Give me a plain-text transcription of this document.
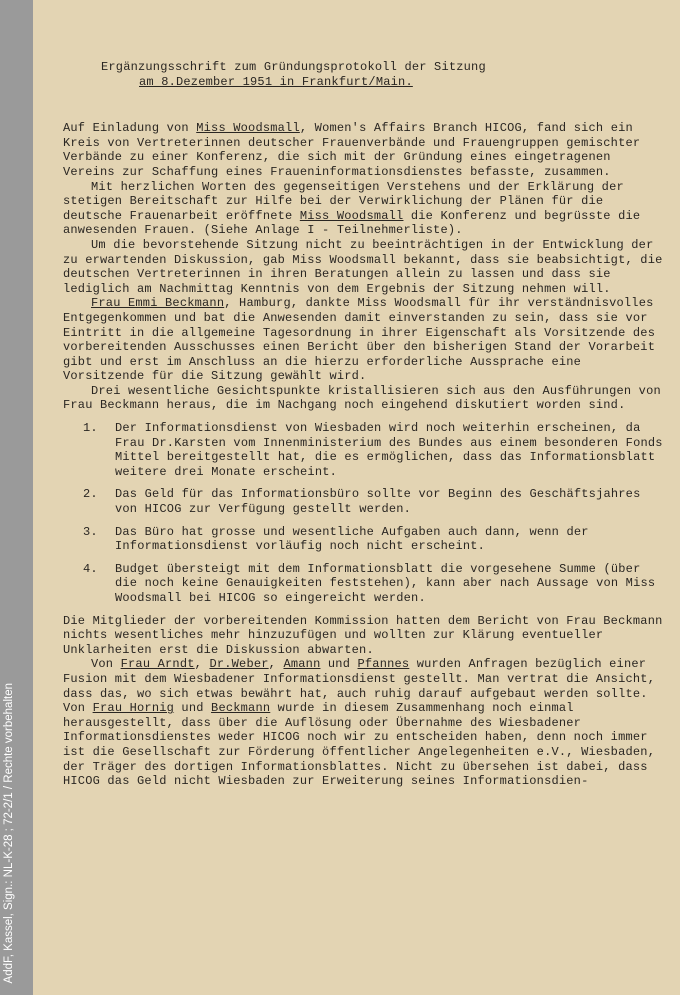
AddF, Kassel, Sign.: NL-K-28 ; 72-2/1 / Rechte vorbehalten
Ergänzungsschrift zum Gründungsprotokoll der Sitzung
am 8.Dezember 1951 in Frankfurt/Main.

Auf Einladung von Miss Woodsmall, Women's Affairs Branch HICOG, fand sich ein Kreis von Vertreterinnen deutscher Frauenverbände und Frauengruppen gemischter Verbände zu einer Konferenz, die sich mit der Gründung eines eingetragenen Vereins zur Schaffung eines Fraueninformationsdienstes befasste, zusammen.

Mit herzlichen Worten des gegenseitigen Verstehens und der Erklärung der stetigen Bereitschaft zur Hilfe bei der Verwirklichung der Plänen für die deutsche Frauenarbeit eröffnete Miss Woodsmall die Konferenz und begrüsste die anwesenden Frauen. (Siehe Anlage I - Teilnehmerliste).

Um die bevorstehende Sitzung nicht zu beeinträchtigen in der Entwicklung der zu erwartenden Diskussion, gab Miss Woodsmall bekannt, dass sie beabsichtigt, die deutschen Vertreterinnen in ihren Beratungen allein zu lassen und dass sie lediglich am Nachmittag Kenntnis von dem Ergebnis der Sitzung nehmen will.

Frau Emmi Beckmann, Hamburg, dankte Miss Woodsmall für ihr verständnisvolles Entgegenkommen und bat die Anwesenden damit einverstanden zu sein, dass sie vor Eintritt in die allgemeine Tagesordnung in ihrer Eigenschaft als Vorsitzende des vorbereitenden Ausschusses einen Bericht über den bisherigen Stand der Vorarbeit gibt und erst im Anschluss an die hierzu erforderliche Aussprache eine Vorsitzende für die Sitzung gewählt wird.

Drei wesentliche Gesichtspunkte kristallisieren sich aus den Ausführungen von Frau Beckmann heraus, die im Nachgang noch eingehend diskutiert worden sind.

1.	Der Informationsdienst von Wiesbaden wird noch weiterhin erscheinen, da Frau Dr.Karsten vom Innenministerium des Bundes aus einem besonderen Fonds Mittel bereitgestellt hat, die es ermöglichen, dass das Informationsblatt weitere drei Monate erscheint.
2.	Das Geld für das Informationsbüro sollte vor Beginn des Geschäftsjahres von HICOG zur Verfügung gestellt werden.
3.	Das Büro hat grosse und wesentliche Aufgaben auch dann, wenn der Informationsdienst vorläufig noch nicht erscheint.
4.	Budget übersteigt mit dem Informationsblatt die vorgesehene Summe (über die noch keine Genauigkeiten feststehen), kann aber nach Aussage von Miss Woodsmall bei HICOG so eingereicht werden.

Die Mitglieder der vorbereitenden Kommission hatten dem Bericht von Frau Beckmann nichts wesentliches mehr hinzuzufügen und wollten zur Klärung eventueller Unklarheiten erst die Diskussion abwarten.

Von Frau Arndt, Dr.Weber, Amann und Pfannes wurden Anfragen bezüglich einer Fusion mit dem Wiesbadener Informationsdienst gestellt. Man vertrat die Ansicht, dass das, wo sich etwas bewährt hat, auch ruhig darauf aufgebaut werden sollte. Von Frau Hornig und Beckmann wurde in diesem Zusammenhang noch einmal herausgestellt, dass über die Auflösung oder Übernahme des Wiesbadener Informationsdienstes weder HICOG noch wir zu entscheiden haben, denn noch immer ist die Gesellschaft zur Förderung öffentlicher Angelegenheiten e.V., Wiesbaden, der Träger des dortigen Informationsblattes. Nicht zu übersehen ist dabei, dass HICOG das Geld nicht Wiesbaden zur Erweiterung seines Informationsdien-
